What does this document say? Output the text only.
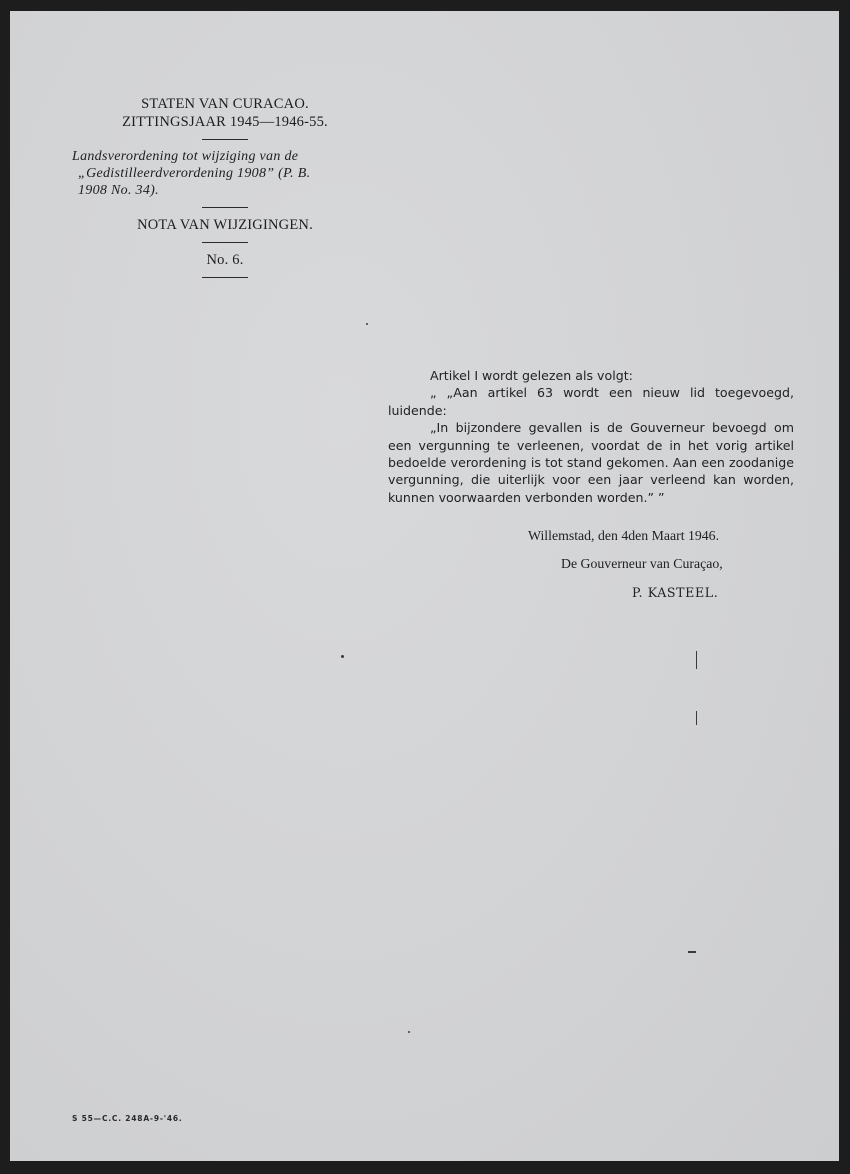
STATEN VAN CURACAO.
ZITTINGSJAAR 1945—1946-55.
Landsverordening tot wijziging van de
„Gedistilleerdverordening 1908” (P. B.
1908 No. 34).
NOTA VAN WIJZIGINGEN.
No. 6.

Artikel I wordt gelezen als volgt:

„ „Aan artikel 63 wordt een nieuw lid toegevoegd, luidende:

„In bijzondere gevallen is de Gouverneur bevoegd om een vergunning te verleenen, voordat de in het vorig artikel bedoelde verordening is tot stand gekomen. Aan een zoodanige vergunning, die uiterlijk voor een jaar verleend kan worden, kunnen voorwaarden verbonden worden.” ”

Willemstad, den 4den Maart 1946.
De Gouverneur van Curaçao,
P. KASTEEL.
S 55—C.C. 248A-9-'46.
